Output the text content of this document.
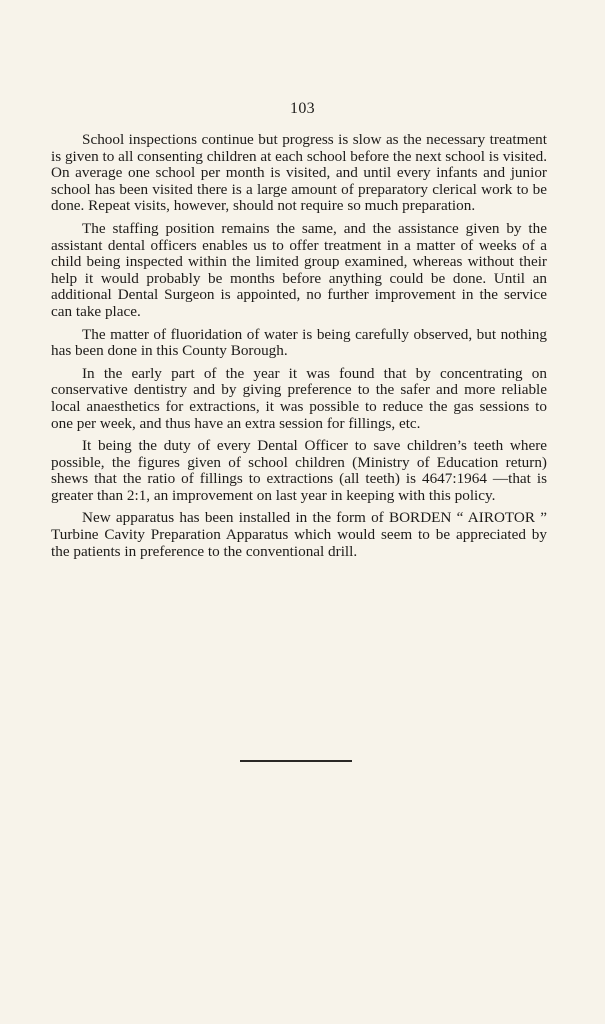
103

School inspections continue but progress is slow as the necessary treatment is given to all consenting children at each school before the next school is visited. On average one school per month is visited, and until every infants and junior school has been visited there is a large amount of preparatory clerical work to be done. Repeat visits, however, should not require so much preparation.

The staffing position remains the same, and the assistance given by the assistant dental officers enables us to offer treatment in a matter of weeks of a child being inspected within the limited group examined, whereas without their help it would probably be months before anything could be done. Until an additional Dental Surgeon is appointed, no further improvement in the service can take place.

The matter of fluoridation of water is being carefully observed, but nothing has been done in this County Borough.

In the early part of the year it was found that by concentrating on conservative dentistry and by giving preference to the safer and more reliable local anaesthetics for extractions, it was possible to reduce the gas sessions to one per week, and thus have an extra session for fillings, etc.

It being the duty of every Dental Officer to save children’s teeth where possible, the figures given of school children (Ministry of Education return) shews that the ratio of fillings to extractions (all teeth) is 4647:1964 —that is greater than 2:1, an improvement on last year in keeping with this policy.

New apparatus has been installed in the form of BORDEN “ AIROTOR ” Turbine Cavity Preparation Apparatus which would seem to be appreciated by the patients in preference to the conventional drill.
